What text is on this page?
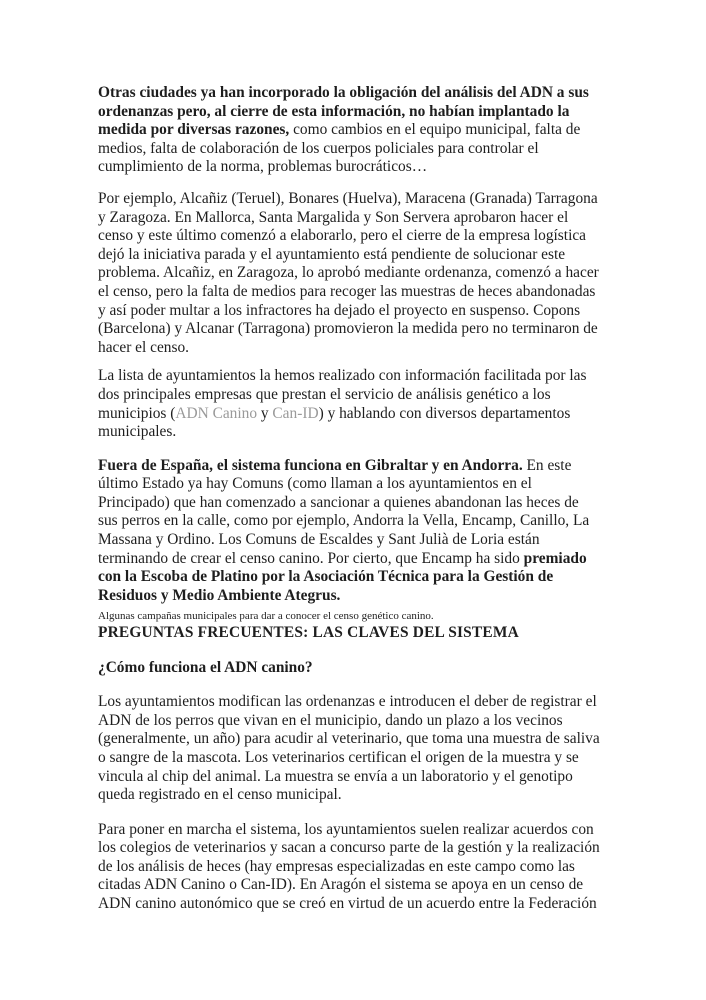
Otras ciudades ya han incorporado la obligación del análisis del ADN a sus
ordenanzas pero, al cierre de esta información, no habían implantado la
medida por diversas razones, como cambios en el equipo municipal, falta de
medios, falta de colaboración de los cuerpos policiales para controlar el
cumplimiento de la norma, problemas burocráticos…
Por ejemplo, Alcañiz (Teruel), Bonares (Huelva), Maracena (Granada) Tarragona
y Zaragoza. En Mallorca, Santa Margalida y Son Servera aprobaron hacer el
censo y este último comenzó a elaborarlo, pero el cierre de la empresa logística
dejó la iniciativa parada y el ayuntamiento está pendiente de solucionar este
problema. Alcañiz, en Zaragoza, lo aprobó mediante ordenanza, comenzó a hacer
el censo, pero la falta de medios para recoger las muestras de heces abandonadas
y así poder multar a los infractores ha dejado el proyecto en suspenso. Copons
(Barcelona) y Alcanar (Tarragona) promovieron la medida pero no terminaron de
hacer el censo.
La lista de ayuntamientos la hemos realizado con información facilitada por las
dos principales empresas que prestan el servicio de análisis genético a los
municipios (ADN Canino y Can-ID) y hablando con diversos departamentos
municipales.
Fuera de España, el sistema funciona en Gibraltar y en Andorra. En este
último Estado ya hay Comuns (como llaman a los ayuntamientos en el
Principado) que han comenzado a sancionar a quienes abandonan las heces de
sus perros en la calle, como por ejemplo, Andorra la Vella, Encamp, Canillo, La
Massana y Ordino. Los Comuns de Escaldes y Sant Julià de Loria están
terminando de crear el censo canino. Por cierto, que Encamp ha sido premiado
con la Escoba de Platino por la Asociación Técnica para la Gestión de
Residuos y Medio Ambiente Ategrus.
Algunas campañas municipales para dar a conocer el censo genético canino.
PREGUNTAS FRECUENTES: LAS CLAVES DEL SISTEMA
¿Cómo funciona el ADN canino?
Los ayuntamientos modifican las ordenanzas e introducen el deber de registrar el
ADN de los perros que vivan en el municipio, dando un plazo a los vecinos
(generalmente, un año) para acudir al veterinario, que toma una muestra de saliva
o sangre de la mascota. Los veterinarios certifican el origen de la muestra y se
vincula al chip del animal. La muestra se envía a un laboratorio y el genotipo
queda registrado en el censo municipal.
Para poner en marcha el sistema, los ayuntamientos suelen realizar acuerdos con
los colegios de veterinarios y sacan a concurso parte de la gestión y la realización
de los análisis de heces (hay empresas especializadas en este campo como las
citadas ADN Canino o Can-ID). En Aragón el sistema se apoya en un censo de
ADN canino autonómico que se creó en virtud de un acuerdo entre la Federación
